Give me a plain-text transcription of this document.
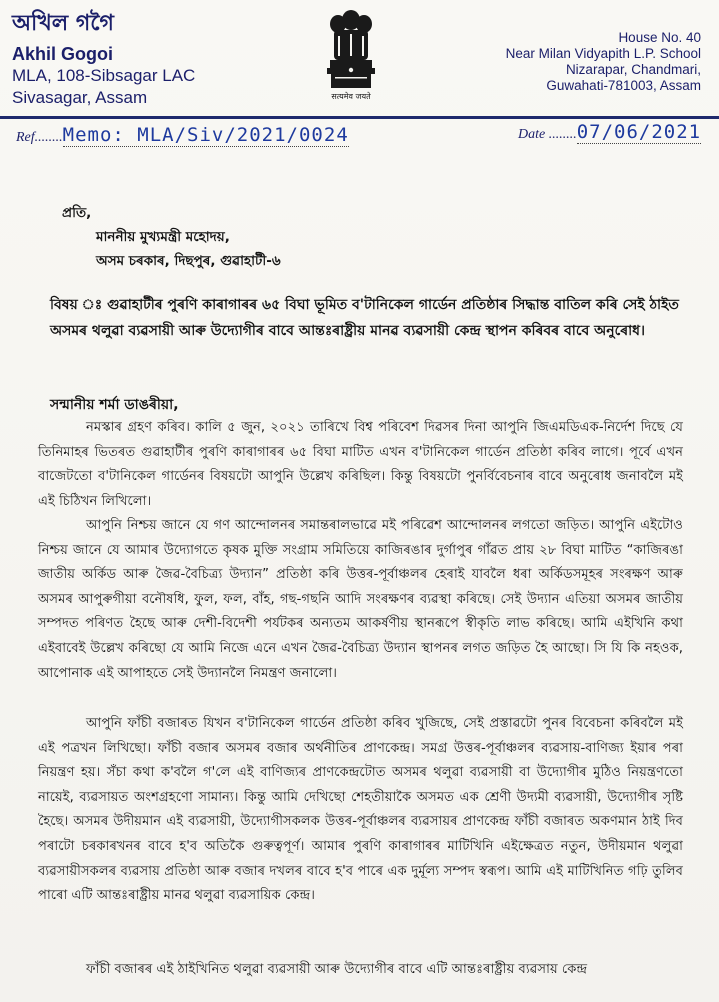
অখিল গগৈ
Akhil Gogoi
MLA, 108-Sibsagar LAC
Sivasagar, Assam	सत्यमेव जयते
House No. 40
Near Milan Vidyapith L.P. School
Nizarapar, Chandmari,
Guwahati-781003, Assam
Ref........Memo: MLA/Siv/2021/0024	Date ........07/06/2021
প্ৰতি,
মাননীয় মুখ্যমন্ত্ৰী মহোদয়,
অসম চৰকাৰ, দিছপুৰ, গুৱাহাটী-৬
বিষয় ঃ গুৱাহাটীৰ পুৰণি কাৰাগাৰৰ ৬৫ বিঘা ভূমিত ব'টানিকেল গাৰ্ডেন প্ৰতিষ্ঠাৰ সিদ্ধান্ত বাতিল কৰি সেই ঠাইত অসমৰ থলুৱা ব্যৱসায়ী আৰু উদ্যোগীৰ বাবে আন্তঃৰাষ্ট্ৰীয় মানৱ ব্যৱসায়ী কেন্দ্ৰ স্থাপন কৰিবৰ বাবে অনুৰোধ।
সন্মানীয় শৰ্মা ডাঙৰীয়া,
নমস্কাৰ গ্ৰহণ কৰিব। কালি ৫ জুন, ২০২১ তাৰিখে বিশ্ব পৰিবেশ দিৱসৰ দিনা আপুনি জিএমডিএক-নিৰ্দেশ দিছে যে তিনিমাহৰ ভিতৰত গুৱাহাটীৰ পুৰণি কাৰাগাৰৰ ৬৫ বিঘা মাটিত এখন ব'টানিকেল গাৰ্ডেন প্ৰতিষ্ঠা কৰিব লাগে। পূৰ্বে এখন বাজেটতো ব'টানিকেল গাৰ্ডেনৰ বিষয়টো আপুনি উল্লেখ কৰিছিল। কিন্তু বিষয়টো পুনৰ্বিবেচনাৰ বাবে অনুৰোধ জনাবলৈ মই এই চিঠিখন লিখিলো।
আপুনি নিশ্চয় জানে যে গণ আন্দোলনৰ সমান্তৰালভাৱে মই পৰিৱেশ আন্দোলনৰ লগতো জড়িত। আপুনি এইটোও নিশ্চয় জানে যে আমাৰ উদ্যোগতে কৃষক মুক্তি সংগ্ৰাম সমিতিয়ে কাজিৰঙাৰ দুৰ্গাপুৰ গাঁৱত প্ৰায় ২৮ বিঘা মাটিত “কাজিৰঙা জাতীয় অৰ্কিড আৰু জৈৱ-বৈচিত্ৰ্য উদ্যান” প্ৰতিষ্ঠা কৰি উত্তৰ-পূৰ্বাঞ্চলৰ হেৰাই যাবলৈ ধৰা অৰ্কিডসমূহৰ সংৰক্ষণ আৰু অসমৰ আপুৰুগীয়া বনৌষধি, ফুল, ফল, বাঁহ, গছ-গছনি আদি সংৰক্ষণৰ ব্যৱস্থা কৰিছে। সেই উদ্যান এতিয়া অসমৰ জাতীয় সম্পদত পৰিণত হৈছে আৰু দেশী-বিদেশী পৰ্যটকৰ অন্যতম আকৰ্ষণীয় স্থানৰূপে স্বীকৃতি লাভ কৰিছে। আমি এইখিনি কথা এইবাবেই উল্লেখ কৰিছো যে আমি নিজে এনে এখন জৈৱ-বৈচিত্ৰ্য উদ্যান স্থাপনৰ লগত জড়িত হৈ আছো। সি যি কি নহওক, আপোনাক এই আপাহতে সেই উদ্যানলৈ নিমন্ত্ৰণ জনালো।
আপুনি ফাঁচী বজাৰত যিখন ব'টানিকেল গাৰ্ডেন প্ৰতিষ্ঠা কৰিব খুজিছে, সেই প্ৰস্তাৱটো পুনৰ বিবেচনা কৰিবলৈ মই এই পত্ৰখন লিখিছো। ফাঁচী বজাৰ অসমৰ বজাৰ অৰ্থনীতিৰ প্ৰাণকেন্দ্ৰ। সমগ্ৰ উত্তৰ-পূৰ্বাঞ্চলৰ ব্যৱসায়-বাণিজ্য ইয়াৰ পৰা নিয়ন্ত্ৰণ হয়। সঁচা কথা ক'বলৈ গ'লে এই বাণিজ্যৰ প্ৰাণকেন্দ্ৰটোত অসমৰ থলুৱা ব্যৱসায়ী বা উদ্যোগীৰ মুঠিও নিয়ন্ত্ৰণতো নায়েই, ব্যৱসায়ত অংশগ্ৰহণো সামান্য। কিন্তু আমি দেখিছো শেহতীয়াকৈ অসমত এক শ্ৰেণী উদ্যমী ব্যৱসায়ী, উদ্যোগীৰ সৃষ্টি হৈছে। অসমৰ উদীয়মান এই ব্যৱসায়ী, উদ্যোগীসকলক উত্তৰ-পূৰ্বাঞ্চলৰ ব্যৱসায়ৰ প্ৰাণকেন্দ্ৰ ফাঁচী বজাৰত অকণমান ঠাই দিব পৰাটো চৰকাৰখনৰ বাবে হ'ব অতিকৈ গুৰুত্বপূৰ্ণ। আমাৰ পুৰণি কাৰাগাৰৰ মাটিখিনি এইক্ষেত্ৰত নতুন, উদীয়মান থলুৱা ব্যৱসায়ীসকলৰ ব্যৱসায় প্ৰতিষ্ঠা আৰু বজাৰ দখলৰ বাবে হ'ব পাৰে এক দুৰ্মূল্য সম্পদ স্বৰূপ। আমি এই মাটিখিনিত গঢ়ি তুলিব পাৰো এটি আন্তঃৰাষ্ট্ৰীয় মানৱ থলুৱা ব্যৱসায়িক কেন্দ্ৰ।
ফাঁচী বজাৰৰ এই ঠাইখিনিত থলুৱা ব্যৱসায়ী আৰু উদ্যোগীৰ বাবে এটি আন্তঃৰাষ্ট্ৰীয় ব্যৱসায় কেন্দ্ৰ
